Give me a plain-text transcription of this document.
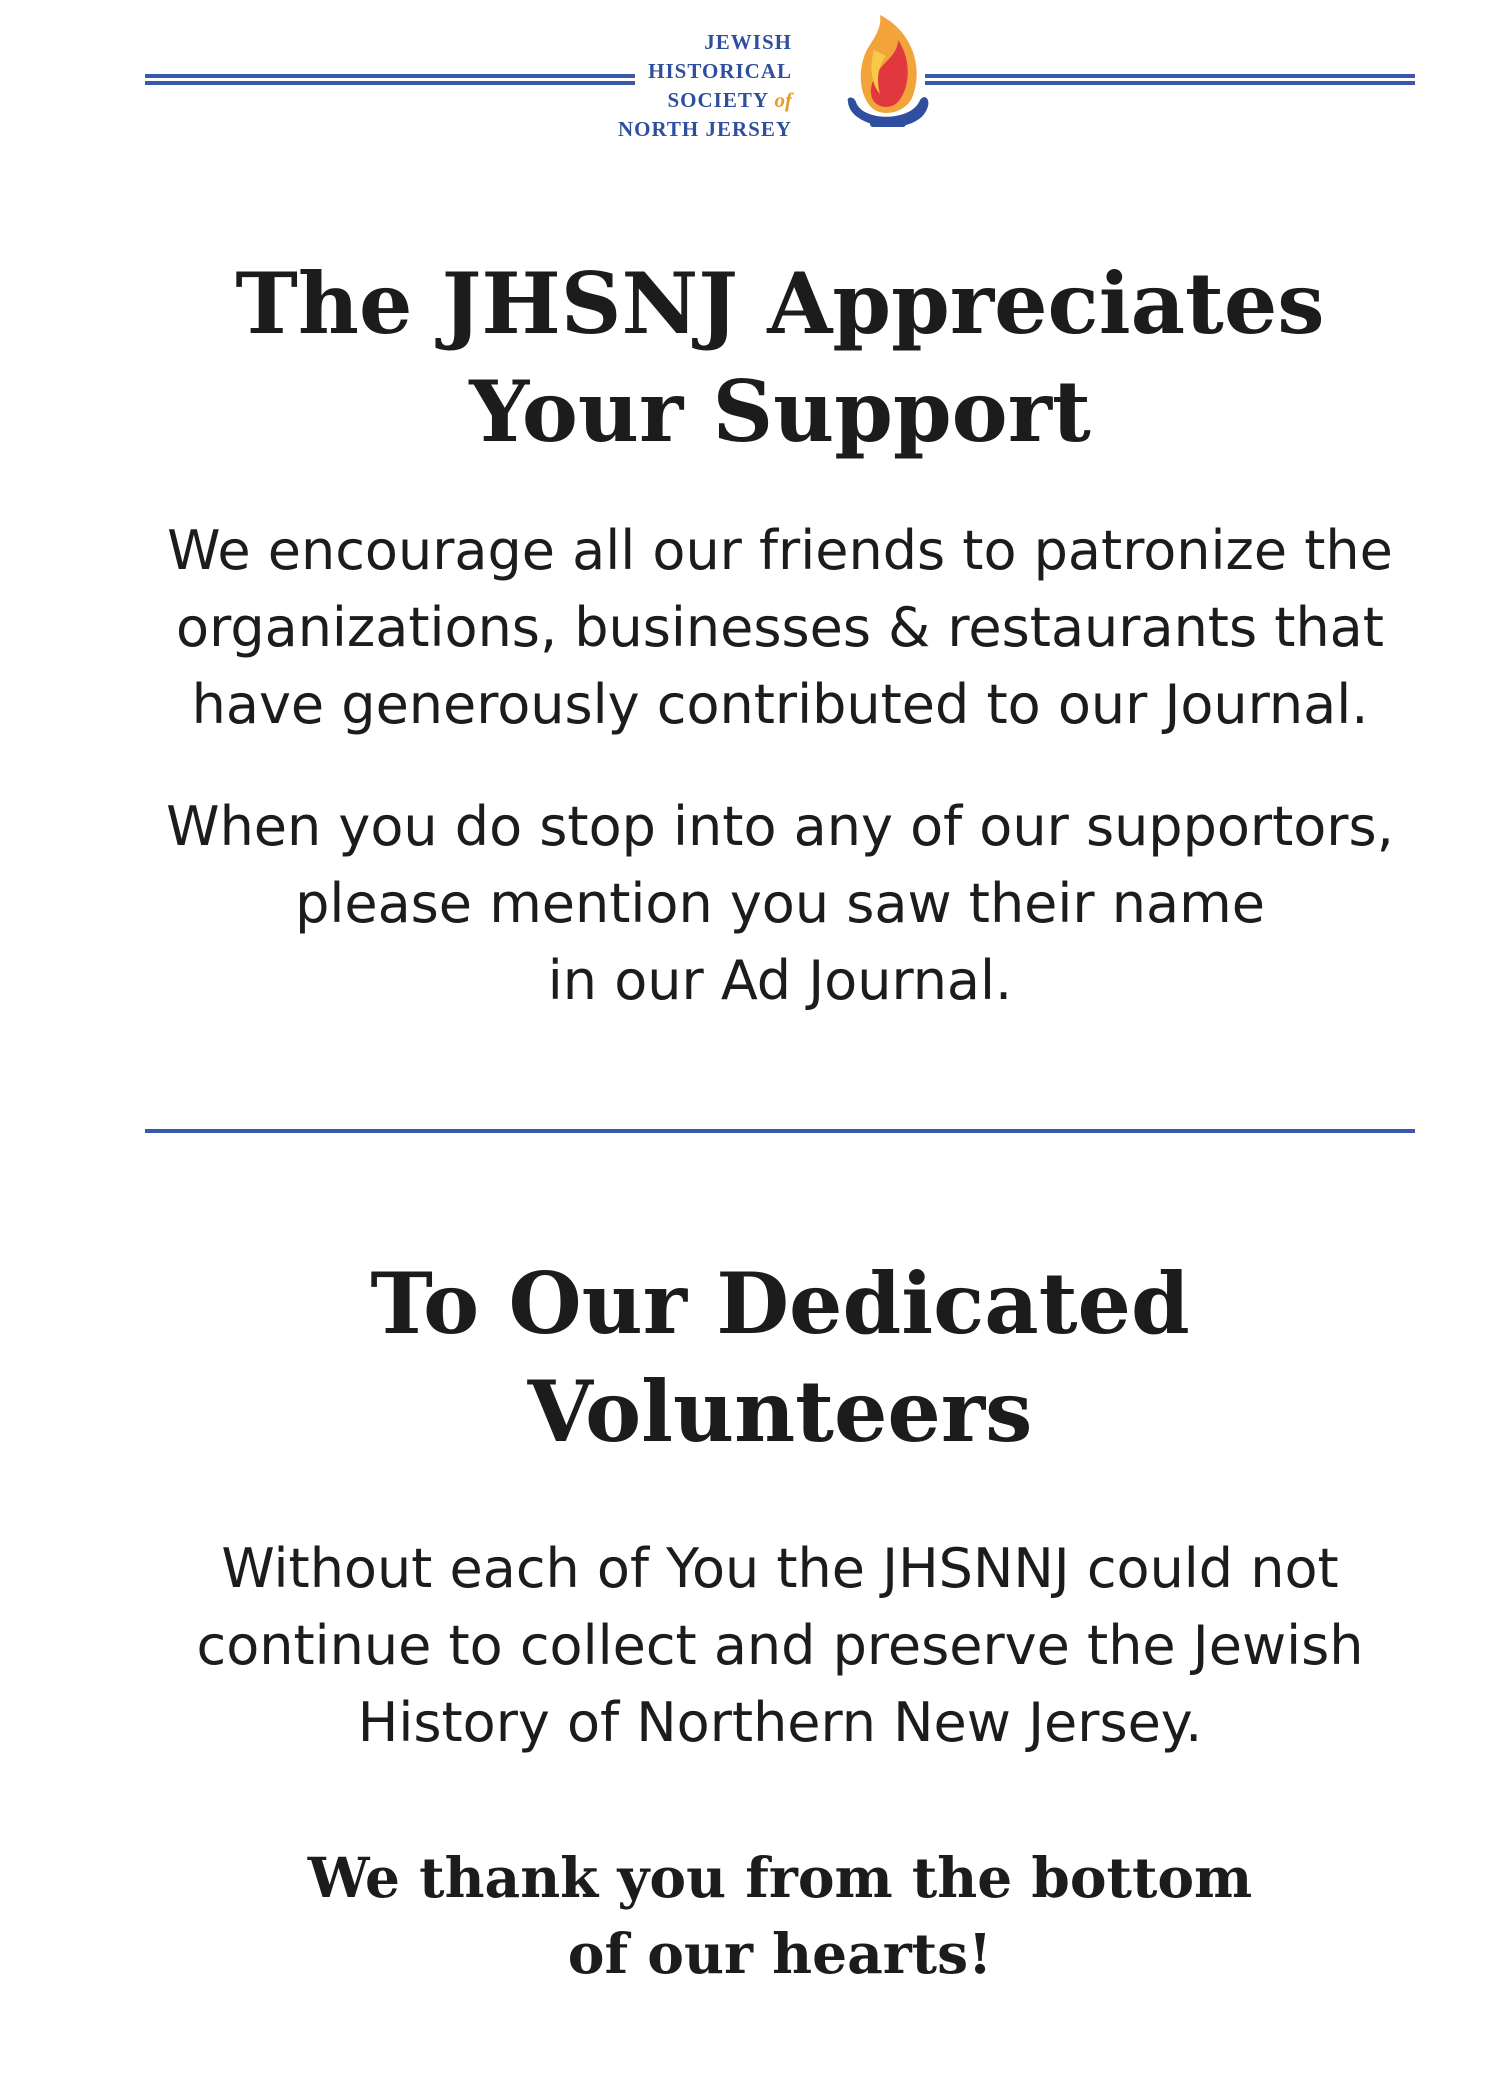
JEWISH
HISTORICAL
SOCIETY of
NORTH JERSEY
The JHSNJ Appreciates
Your Support

We encourage all our friends to patronize the
organizations, businesses & restaurants that
have generously contributed to our Journal.

When you do stop into any of our supportors,
please mention you saw their name
in our Ad Journal.

To Our Dedicated
Volunteers

Without each of You the JHSNNJ could not
continue to collect and preserve the Jewish
History of Northern New Jersey.

We thank you from the bottom
of our hearts!
